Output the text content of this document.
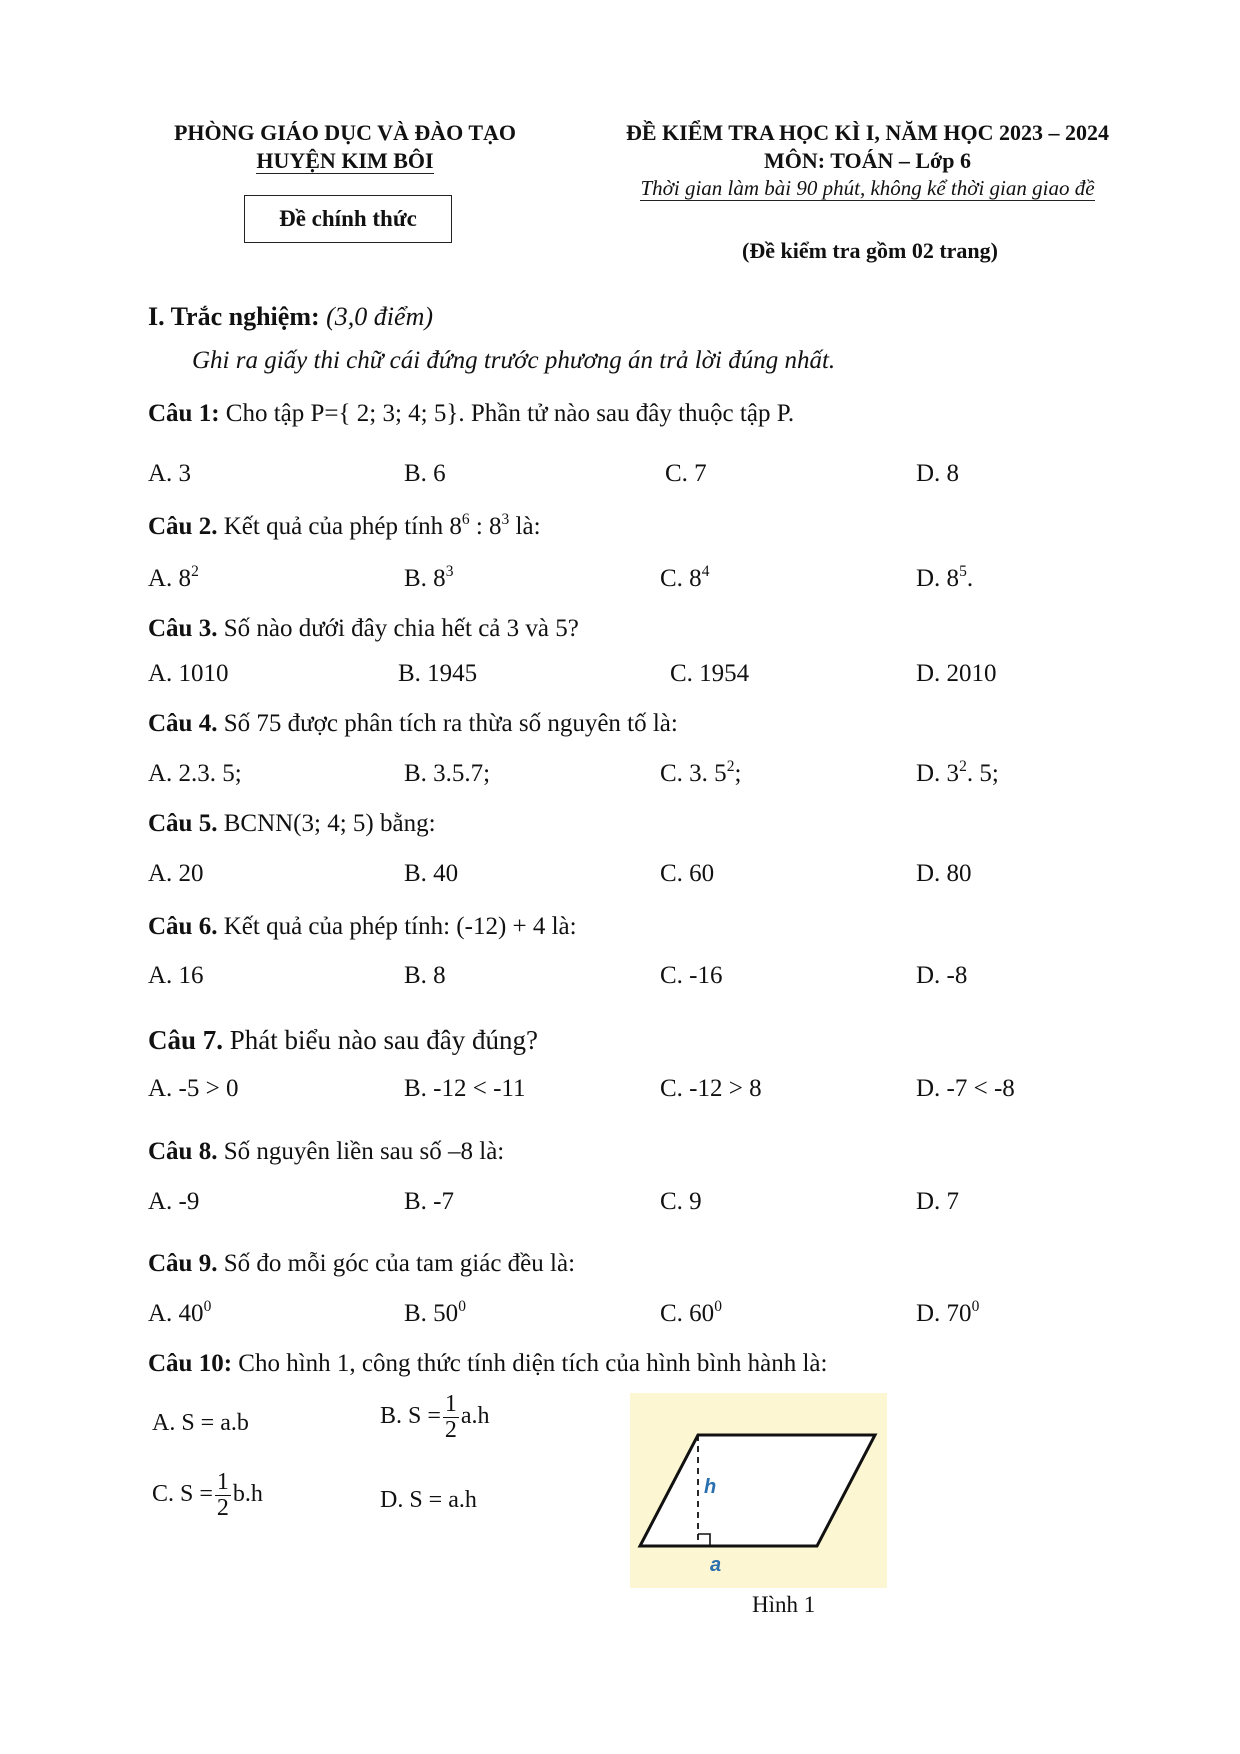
PHÒNG GIÁO DỤC VÀ ĐÀO TẠO
HUYỆN KIM BÔI
Đề chính thức
ĐỀ KIỂM TRA HỌC KÌ I, NĂM HỌC 2023 – 2024
MÔN: TOÁN – Lớp 6
Thời gian làm bài 90 phút, không kể thời gian giao đề
(Đề kiểm tra gồm 02 trang)
I. Trắc nghiệm: (3,0 điểm)
Ghi ra giấy thi chữ cái đứng trước phương án trả lời đúng nhất.
Câu 1: Cho tập P={ 2; 3; 4; 5}. Phần tử nào sau đây thuộc tập P.
A. 3	B. 6	C. 7	D. 8
Câu 2. Kết quả của phép tính $8^6$ : $8^3$ là:
A. $8^2$	B. $8^3$	C. $8^4$	D. $8^5$.
Câu 3. Số nào dưới đây chia hết cả 3 và 5?
A. 1010	B. 1945	C. 1954	D. 2010
Câu 4. Số 75 được phân tích ra thừa số nguyên tố là:
A. 2.3. 5;	B. 3.5.7;	C. 3. $5^2$;	D. $3^2$. 5;
Câu 5. BCNN(3; 4; 5) bằng:
A. 20	B. 40	C. 60	D. 80
Câu 6. Kết quả của phép tính: (-12) + 4 là:
A. 16	B. 8	C. -16	D. -8
Câu 7. Phát biểu nào sau đây đúng?
A. -5 > 0	B. -12 < -11	C. -12 > 8	D. -7 < -8
Câu 8. Số nguyên liền sau số –8 là:
A. -9	B. -7	C. 9	D. 7
Câu 9. Số đo mỗi góc của tam giác đều là:
A. $40^0$	B. $50^0$	C. $60^0$	D. $70^0$
Câu 10: Cho hình 1, công thức tính diện tích của hình bình hành là:
A. S = a.b	B. $S = \frac{1}{2} a.h$
C. $S = \frac{1}{2} b.h$	D. S = a.h	h
a
Hình 1
